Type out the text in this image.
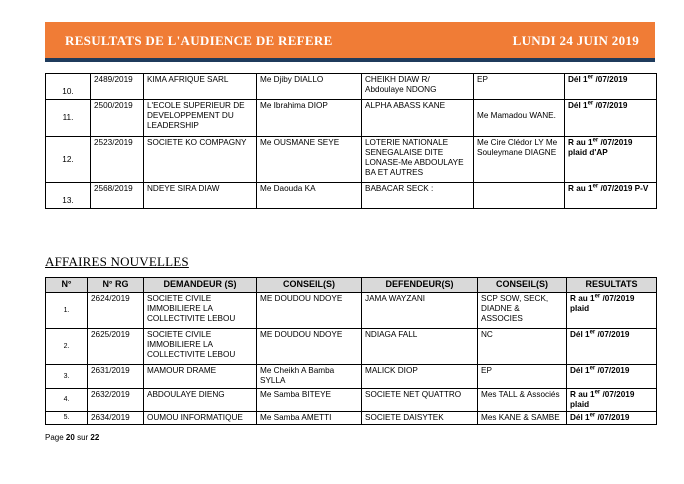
RESULTATS DE L'AUDIENCE DE REFERE	LUNDI 24 JUIN 2019
10.	2489/2019	KIMA AFRIQUE SARL	Me Djiby DIALLO	CHEIKH DIAW R/ Abdoulaye NDONG	EP	Dél 1er /07/2019
11.	2500/2019	L'ECOLE SUPERIEUR DE DEVELOPPEMENT DU LEADERSHIP	Me Ibrahima DIOP	ALPHA ABASS KANE	Me Mamadou WANE.	Dél 1er /07/2019
12.	2523/2019	SOCIETE KO COMPAGNY	Me OUSMANE SEYE	LOTERIE NATIONALE SENEGALAISE DITE LONASE-Me ABDOULAYE BA ET AUTRES	Me Cire Clédor LY Me Souleymane DIAGNE	R au 1er /07/2019 plaid d'AP
13.	2568/2019	NDEYE SIRA DIAW	Me Daouda KA	BABACAR SECK :		R au 1er /07/2019 P-V
AFFAIRES NOUVELLES
N°	N° RG	DEMANDEUR (S)	CONSEIL(S)	DEFENDEUR(S)	CONSEIL(S)	RESULTATS
1.	2624/2019	SOCIETE CIVILE IMMOBILIERE LA COLLECTIVITE LEBOU	ME DOUDOU NDOYE	JAMA WAYZANI	SCP SOW, SECK, DIADNE & ASSOCIES	R au 1er /07/2019 plaid
2.	2625/2019	SOCIETE CIVILE IMMOBILIERE LA COLLECTIVITE LEBOU	ME DOUDOU NDOYE	NDIAGA FALL	NC	Dél 1er /07/2019
3.	2631/2019	MAMOUR DRAME	Me Cheikh A Bamba SYLLA	MALICK DIOP	EP	Dél 1er /07/2019
4.	2632/2019	ABDOULAYE DIENG	Me Samba BITEYE	SOCIETE NET QUATTRO	Mes TALL & Associés	R au 1er /07/2019 plaid
5.	2634/2019	OUMOU INFORMATIQUE	Me Samba AMETTI	SOCIETE DAISYTEK	Mes KANE & SAMBE	Dél 1er /07/2019
Page 20 sur 22
